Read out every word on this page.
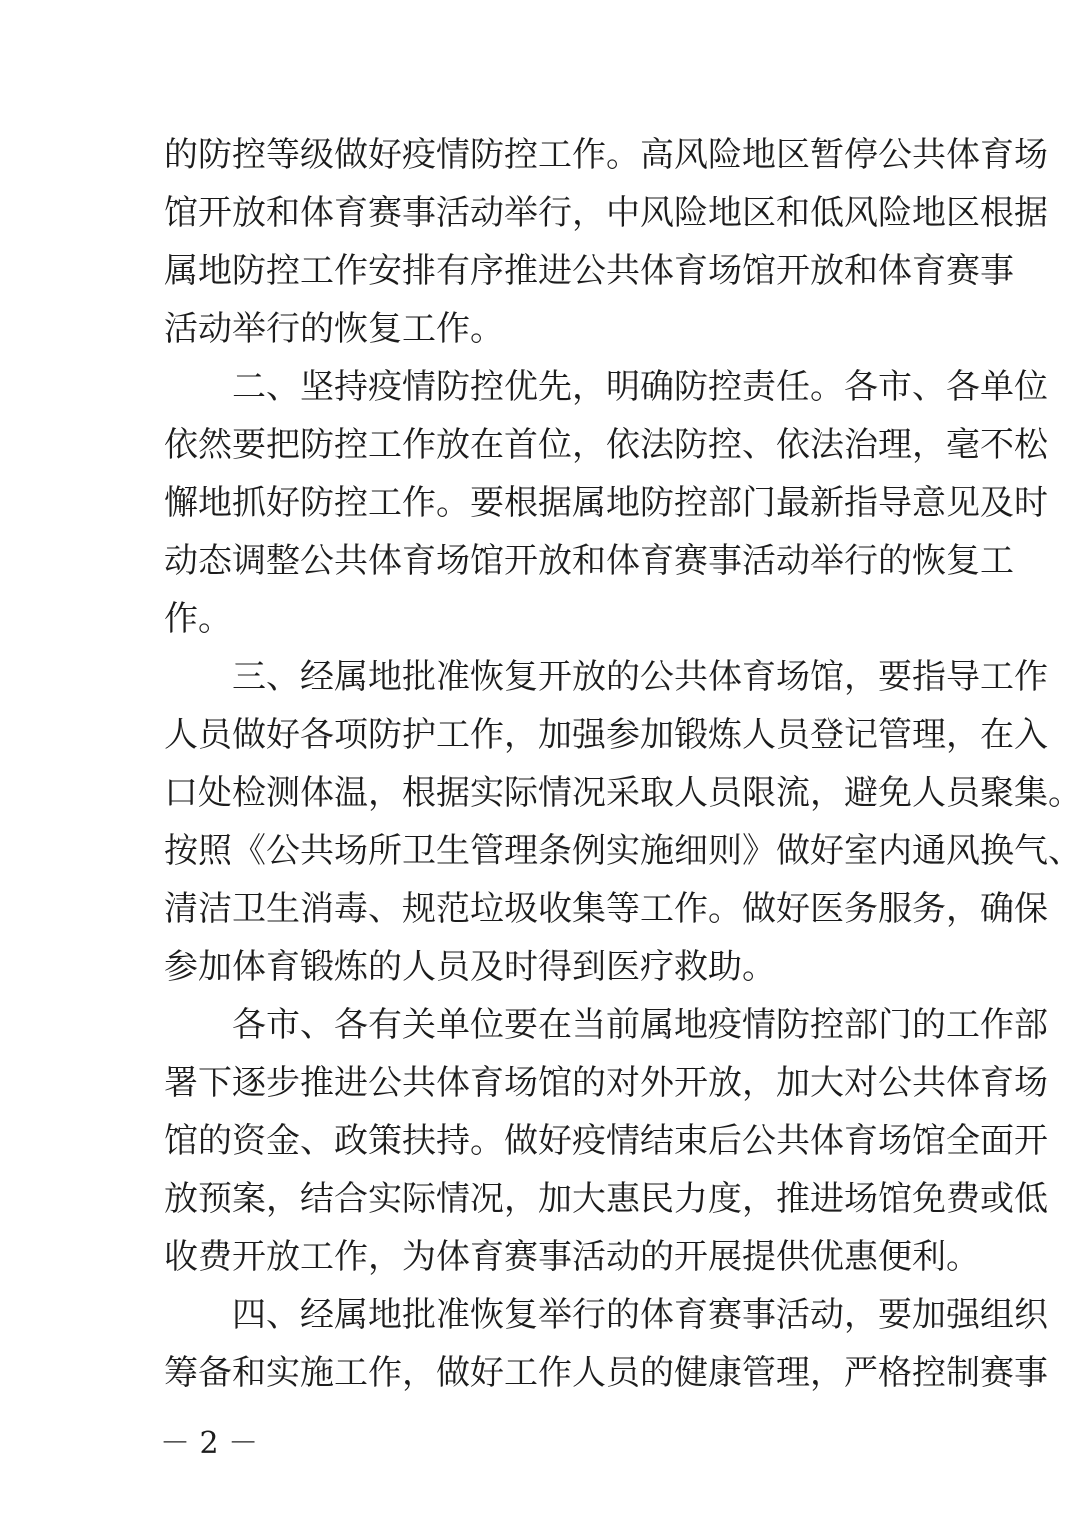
的防控等级做好疫情防控工作。高风险地区暂停公共体育场
馆开放和体育赛事活动举行，中风险地区和低风险地区根据
属地防控工作安排有序推进公共体育场馆开放和体育赛事
活动举行的恢复工作。
二、坚持疫情防控优先，明确防控责任。各市、各单位
依然要把防控工作放在首位，依法防控、依法治理，毫不松
懈地抓好防控工作。要根据属地防控部门最新指导意见及时
动态调整公共体育场馆开放和体育赛事活动举行的恢复工
作。
三、经属地批准恢复开放的公共体育场馆，要指导工作
人员做好各项防护工作，加强参加锻炼人员登记管理，在入
口处检测体温，根据实际情况采取人员限流，避免人员聚集。
按照《公共场所卫生管理条例实施细则》做好室内通风换气、
清洁卫生消毒、规范垃圾收集等工作。做好医务服务，确保
参加体育锻炼的人员及时得到医疗救助。
各市、各有关单位要在当前属地疫情防控部门的工作部
署下逐步推进公共体育场馆的对外开放，加大对公共体育场
馆的资金、政策扶持。做好疫情结束后公共体育场馆全面开
放预案，结合实际情况，加大惠民力度，推进场馆免费或低
收费开放工作，为体育赛事活动的开展提供优惠便利。
四、经属地批准恢复举行的体育赛事活动，要加强组织
筹备和实施工作，做好工作人员的健康管理，严格控制赛事
－ 2 －
